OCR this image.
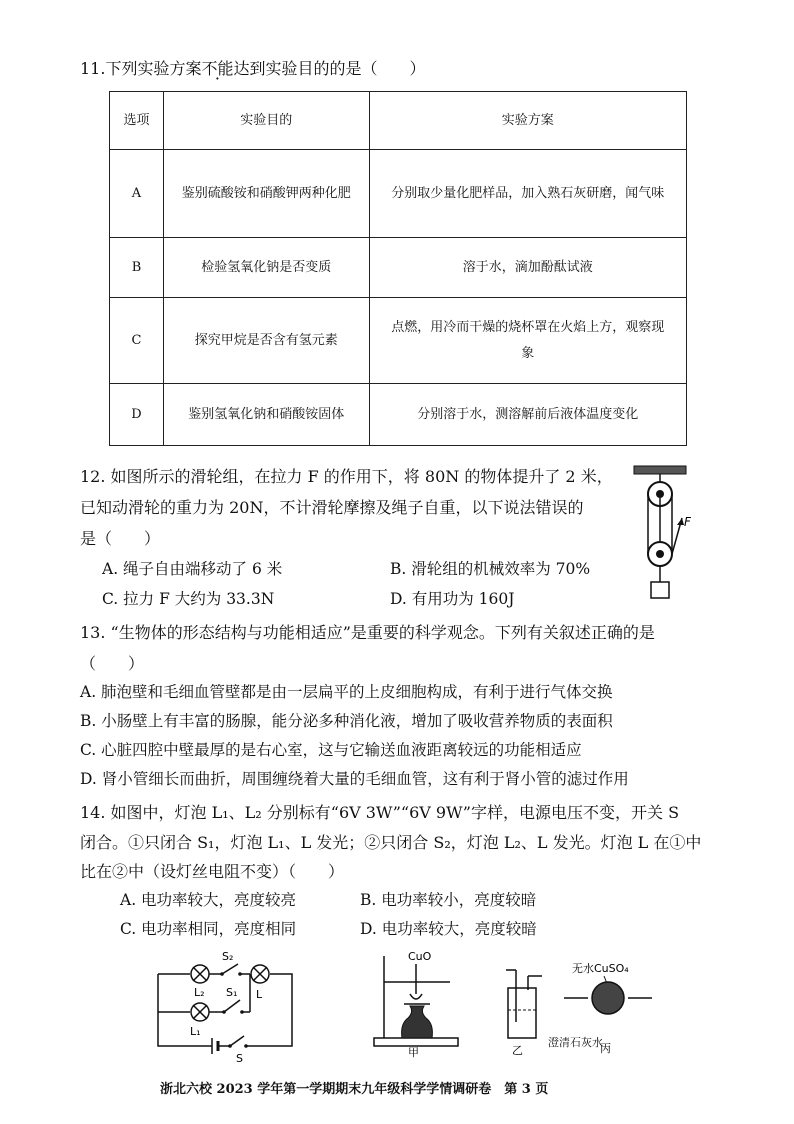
11.下列实验方案不能达到实验目的的是（　　）
选项	实验目的	实验方案
A	鉴别硫酸铵和硝酸钾两种化肥	分别取少量化肥样品，加入熟石灰研磨，闻气味
B	检验氢氧化钠是否变质	溶于水，滴加酚酞试液
C	探究甲烷是否含有氢元素	点燃，用冷而干燥的烧杯罩在火焰上方，观察现
象

D	鉴别氢氧化钠和硝酸铵固体	分别溶于水，测溶解前后液体温度变化
12. 如图所示的滑轮组，在拉力 F 的作用下，将 80N 的物体提升了 2 米，
已知动滑轮的重力为 20N，不计滑轮摩擦及绳子自重，以下说法错误的
是（　　）
A. 绳子自由端移动了 6 米	B. 滑轮组的机械效率为 70%
C. 拉力 F 大约为 33.3N	D. 有用功为 160J
F
13. “生物体的形态结构与功能相适应”是重要的科学观念。下列有关叙述正确的是
（　　）
A. 肺泡壁和毛细血管壁都是由一层扁平的上皮细胞构成，有利于进行气体交换
B. 小肠壁上有丰富的肠腺，能分泌多种消化液，增加了吸收营养物质的表面积
C. 心脏四腔中壁最厚的是右心室，这与它输送血液距离较远的功能相适应
D. 肾小管细长而曲折，周围缠绕着大量的毛细血管，这有利于肾小管的滤过作用
14. 如图中，灯泡 L₁、L₂ 分别标有“6V 3W”“6V 9W”字样，电源电压不变，开关 S
闭合。①只闭合 S₁，灯泡 L₁、L 发光；②只闭合 S₂，灯泡 L₂、L 发光。灯泡 L 在①中
比在②中（设灯丝电阻不变）（　　）
A. 电功率较大，亮度较亮	B. 电功率较小，亮度较暗
C. 电功率相同，亮度相同	D. 电功率较大，亮度较暗
S₂
L₂ S₁ L
L₁
S
CuO
甲	乙
澄清石灰水
无水CuSO₄
丙
浙北六校 2023 学年第一学期期末九年级科学学情调研卷　第 3 页
